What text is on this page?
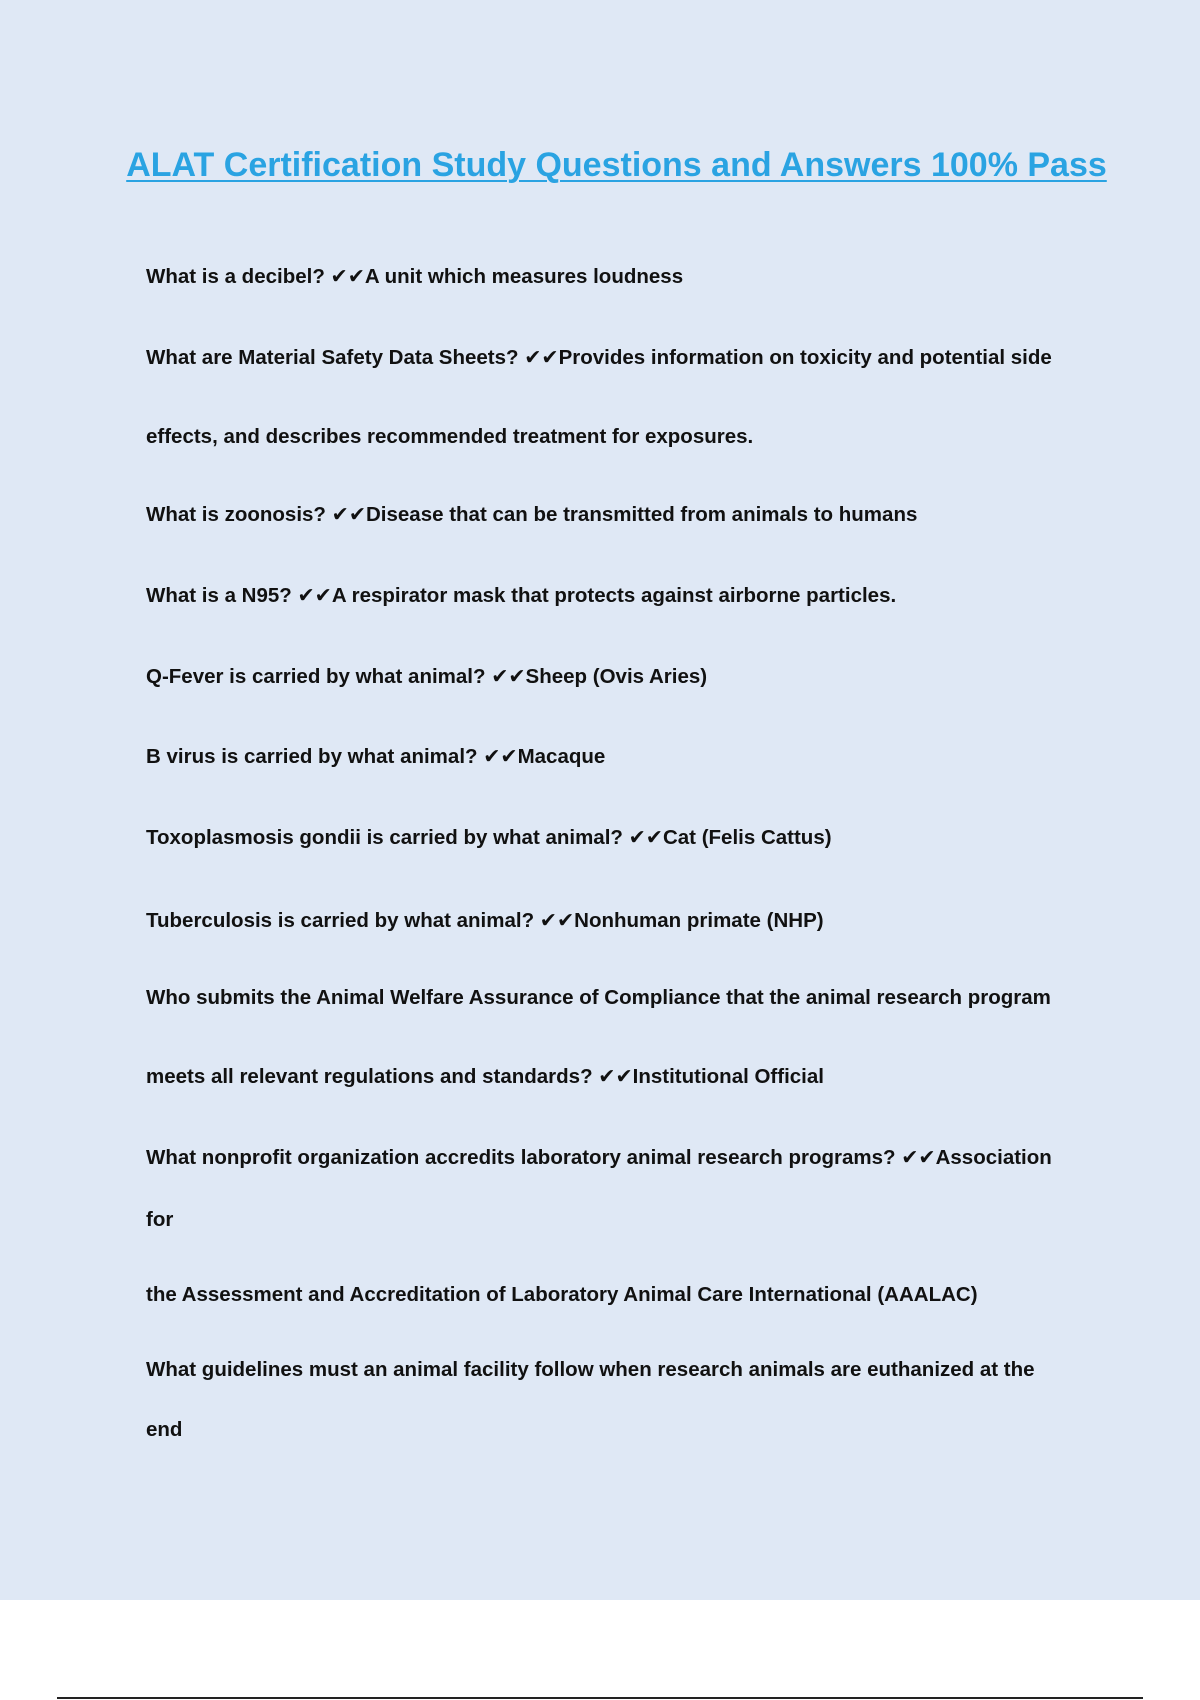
ALAT Certification Study Questions and Answers 100% Pass

What is a decibel? ✔✔A unit which measures loudness

What are Material Safety Data Sheets? ✔✔Provides information on toxicity and potential side

effects, and describes recommended treatment for exposures.

What is zoonosis? ✔✔Disease that can be transmitted from animals to humans

What is a N95? ✔✔A respirator mask that protects against airborne particles.

Q-Fever is carried by what animal? ✔✔Sheep (Ovis Aries)

B virus is carried by what animal? ✔✔Macaque

Toxoplasmosis gondii is carried by what animal? ✔✔Cat (Felis Cattus)

Tuberculosis is carried by what animal? ✔✔Nonhuman primate (NHP)

Who submits the Animal Welfare Assurance of Compliance that the animal research program

meets all relevant regulations and standards? ✔✔Institutional Official

What nonprofit organization accredits laboratory animal research programs? ✔✔Association

for

the Assessment and Accreditation of Laboratory Animal Care International (AAALAC)

What guidelines must an animal facility follow when research animals are euthanized at the

end
